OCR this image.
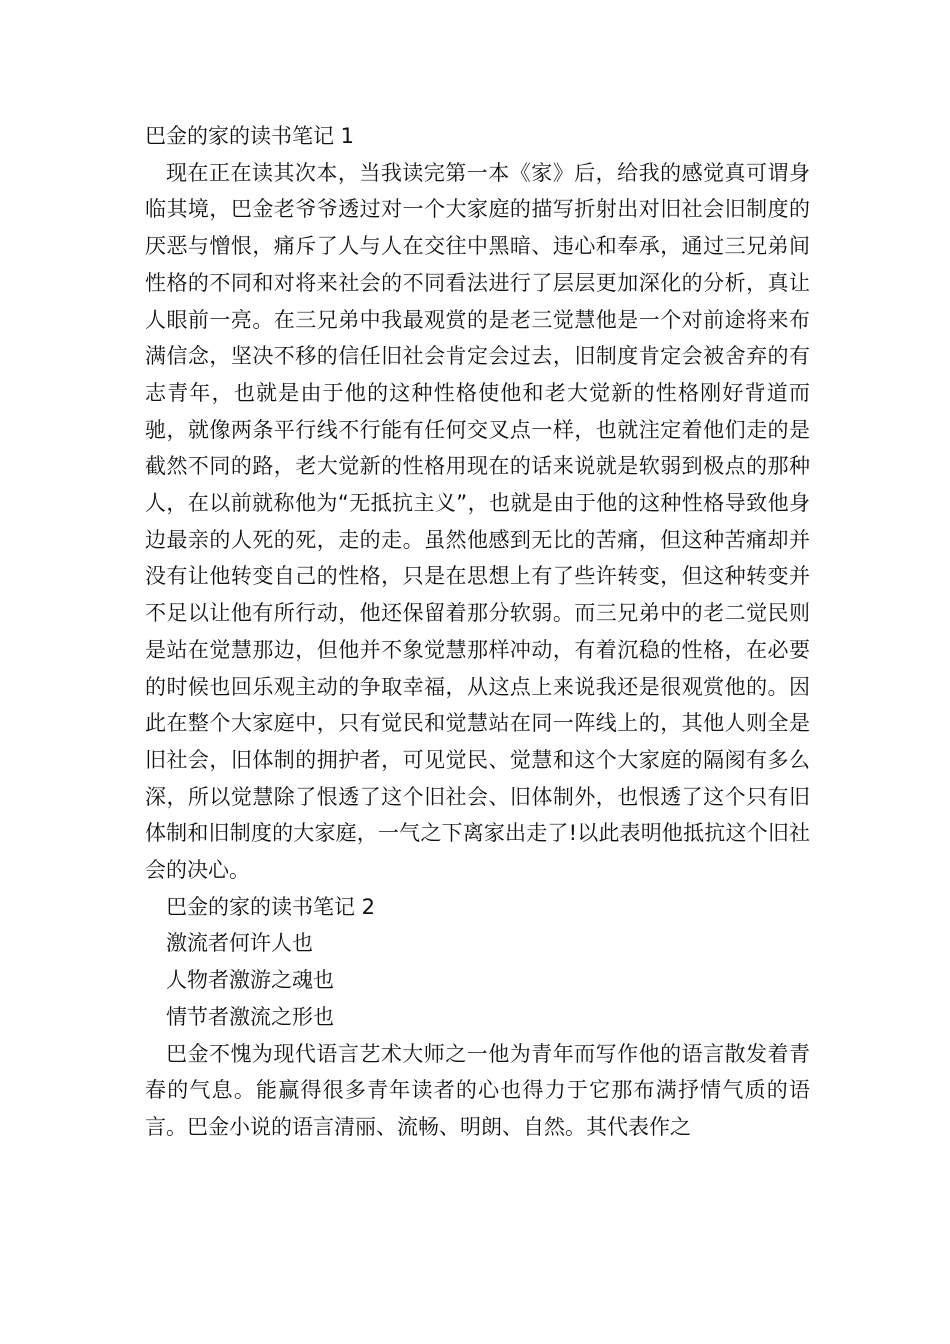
巴金的家的读书笔记 1

现在正在读其次本，当我读完第一本《家》后，给我的感觉真可谓身临其境，巴金老爷爷透过对一个大家庭的描写折射出对旧社会旧制度的厌恶与憎恨，痛斥了人与人在交往中黑暗、违心和奉承，通过三兄弟间性格的不同和对将来社会的不同看法进行了层层更加深化的分析，真让人眼前一亮。在三兄弟中我最观赏的是老三觉慧他是一个对前途将来布满信念，坚决不移的信任旧社会肯定会过去，旧制度肯定会被舍弃的有志青年，也就是由于他的这种性格使他和老大觉新的性格刚好背道而驰，就像两条平行线不行能有任何交叉点一样，也就注定着他们走的是截然不同的路，老大觉新的性格用现在的话来说就是软弱到极点的那种人，在以前就称他为“无抵抗主义”，也就是由于他的这种性格导致他身边最亲的人死的死，走的走。虽然他感到无比的苦痛，但这种苦痛却并没有让他转变自己的性格，只是在思想上有了些许转变，但这种转变并不足以让他有所行动，他还保留着那分软弱。而三兄弟中的老二觉民则是站在觉慧那边，但他并不象觉慧那样冲动，有着沉稳的性格，在必要的时候也回乐观主动的争取幸福，从这点上来说我还是很观赏他的。因此在整个大家庭中，只有觉民和觉慧站在同一阵线上的，其他人则全是旧社会，旧体制的拥护者，可见觉民、觉慧和这个大家庭的隔阂有多么深，所以觉慧除了恨透了这个旧社会、旧体制外，也恨透了这个只有旧体制和旧制度的大家庭，一气之下离家出走了!以此表明他抵抗这个旧社会的决心。

巴金的家的读书笔记 2

激流者何许人也

人物者激游之魂也

情节者激流之形也

巴金不愧为现代语言艺术大师之一他为青年而写作他的语言散发着青春的气息。能赢得很多青年读者的心也得力于它那布满抒情气质的语言。巴金小说的语言清丽、流畅、明朗、自然。其代表作之
